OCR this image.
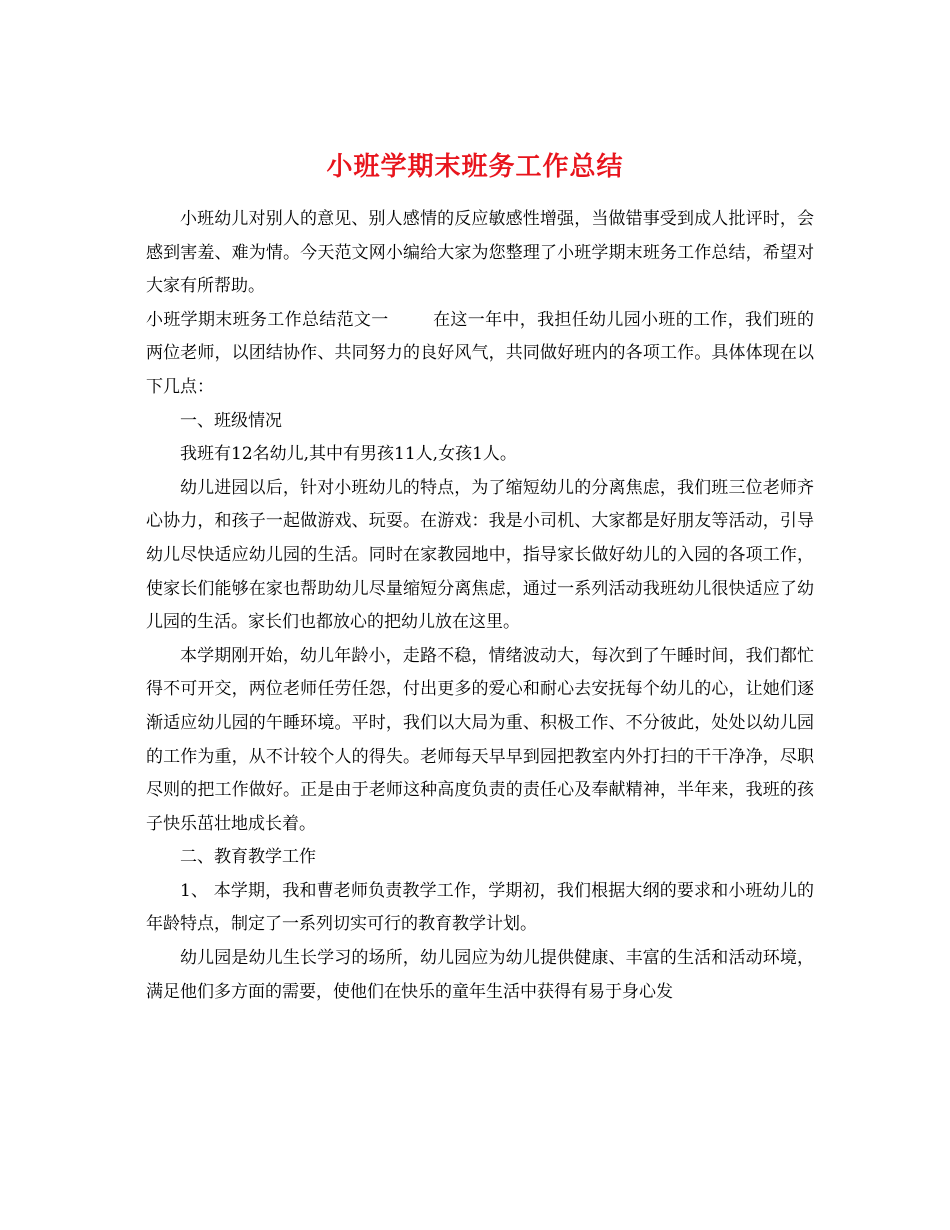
小班学期末班务工作总结

小班幼儿对别人的意见、别人感情的反应敏感性增强，当做错事受到成人批评时，会感到害羞、难为情。今天范文网小编给大家为您整理了小班学期末班务工作总结，希望对大家有所帮助。

小班学期末班务工作总结范文一	在这一年中，我担任幼儿园小班的工作，我们班的两位老师，以团结协作、共同努力的良好风气，共同做好班内的各项工作。具体体现在以下几点：

一、班级情况

我班有12名幼儿,其中有男孩11人,女孩1人。

幼儿进园以后，针对小班幼儿的特点，为了缩短幼儿的分离焦虑，我们班三位老师齐心协力，和孩子一起做游戏、玩耍。在游戏：我是小司机、大家都是好朋友等活动，引导幼儿尽快适应幼儿园的生活。同时在家教园地中，指导家长做好幼儿的入园的各项工作，使家长们能够在家也帮助幼儿尽量缩短分离焦虑，通过一系列活动我班幼儿很快适应了幼儿园的生活。家长们也都放心的把幼儿放在这里。

本学期刚开始，幼儿年龄小，走路不稳，情绪波动大，每次到了午睡时间，我们都忙得不可开交，两位老师任劳任怨，付出更多的爱心和耐心去安抚每个幼儿的心，让她们逐渐适应幼儿园的午睡环境。平时，我们以大局为重、积极工作、不分彼此，处处以幼儿园的工作为重，从不计较个人的得失。老师每天早早到园把教室内外打扫的干干净净，尽职尽则的把工作做好。正是由于老师这种高度负责的责任心及奉献精神，半年来，我班的孩子快乐茁壮地成长着。

二、教育教学工作

1、 本学期，我和曹老师负责教学工作，学期初，我们根据大纲的要求和小班幼儿的年龄特点，制定了一系列切实可行的教育教学计划。

幼儿园是幼儿生长学习的场所，幼儿园应为幼儿提供健康、丰富的生活和活动环境，满足他们多方面的需要，使他们在快乐的童年生活中获得有易于身心发
